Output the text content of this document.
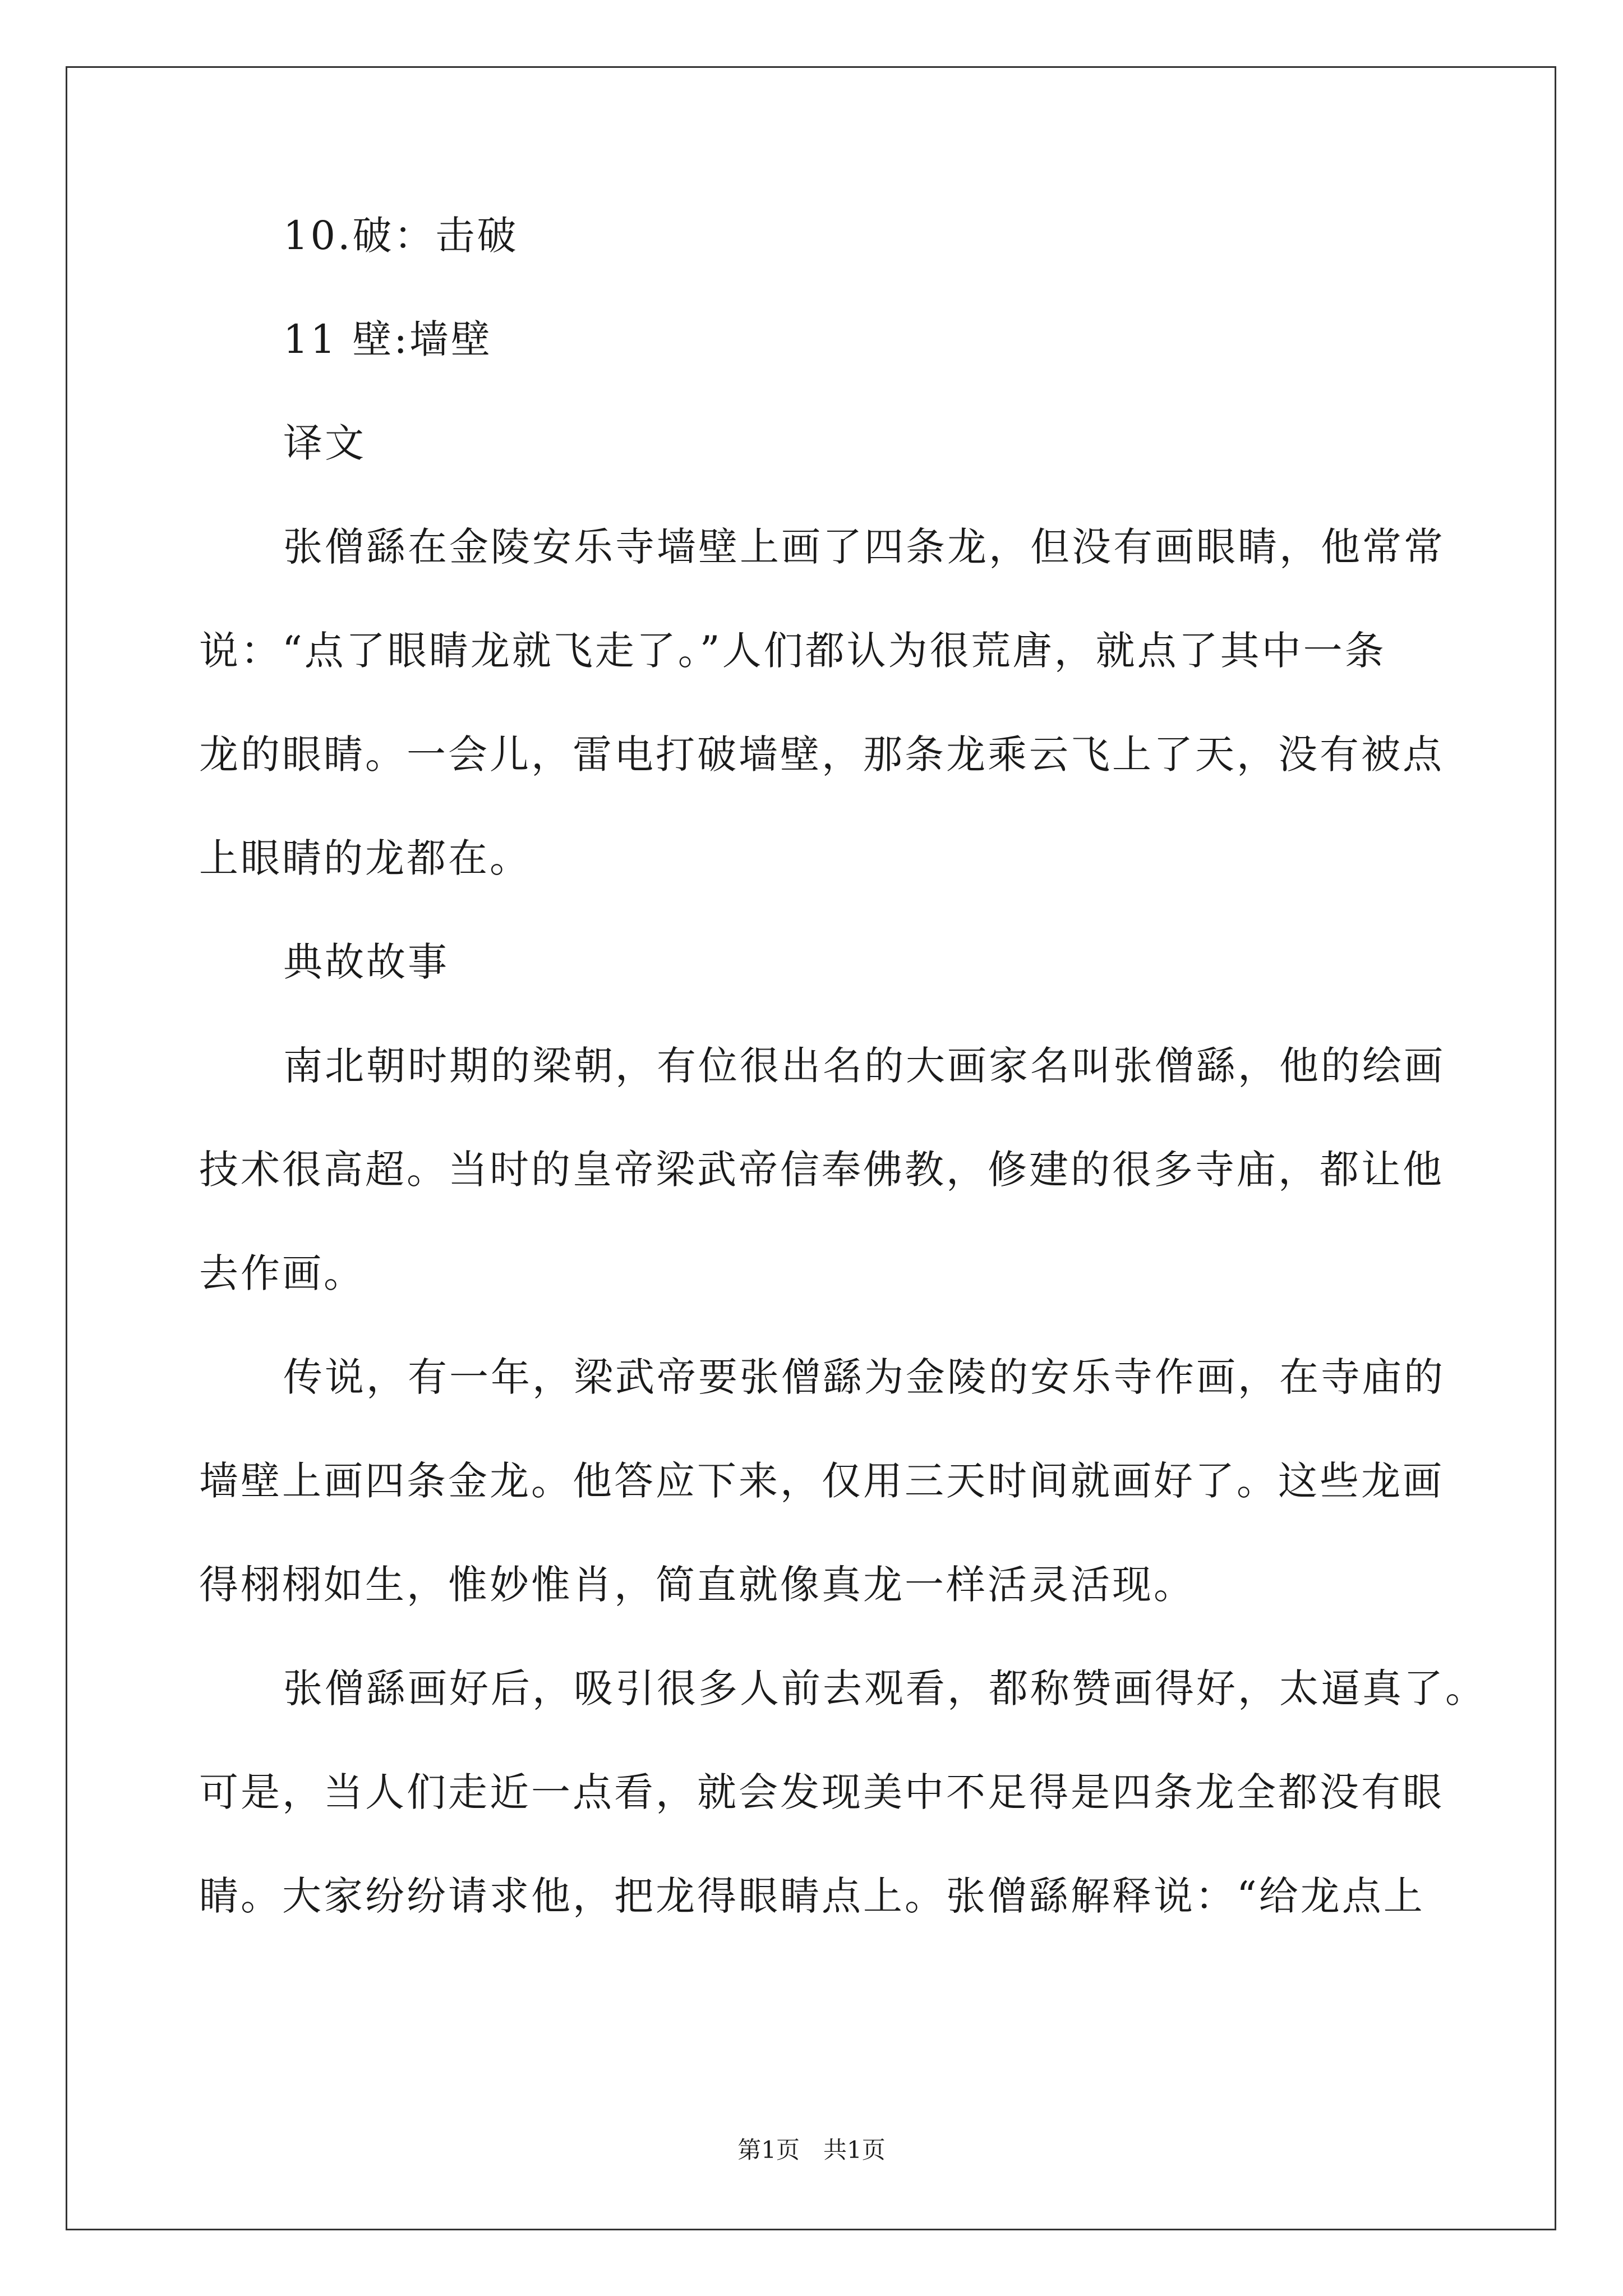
10.破：击破
11 壁:墙壁
译文
张僧繇在金陵安乐寺墙壁上画了四条龙，但没有画眼睛，他常常
说：“点了眼睛龙就飞走了。”人们都认为很荒唐，就点了其中一条
龙的眼睛。一会儿，雷电打破墙壁，那条龙乘云飞上了天，没有被点
上眼睛的龙都在。
典故故事
南北朝时期的梁朝，有位很出名的大画家名叫张僧繇，他的绘画
技术很高超。当时的皇帝梁武帝信奉佛教，修建的很多寺庙，都让他
去作画。
传说，有一年，梁武帝要张僧繇为金陵的安乐寺作画，在寺庙的
墙壁上画四条金龙。他答应下来，仅用三天时间就画好了。这些龙画
得栩栩如生，惟妙惟肖，简直就像真龙一样活灵活现。
张僧繇画好后，吸引很多人前去观看，都称赞画得好，太逼真了。
可是，当人们走近一点看，就会发现美中不足得是四条龙全都没有眼
睛。大家纷纷请求他，把龙得眼睛点上。张僧繇解释说：“给龙点上
第1页　共1页
